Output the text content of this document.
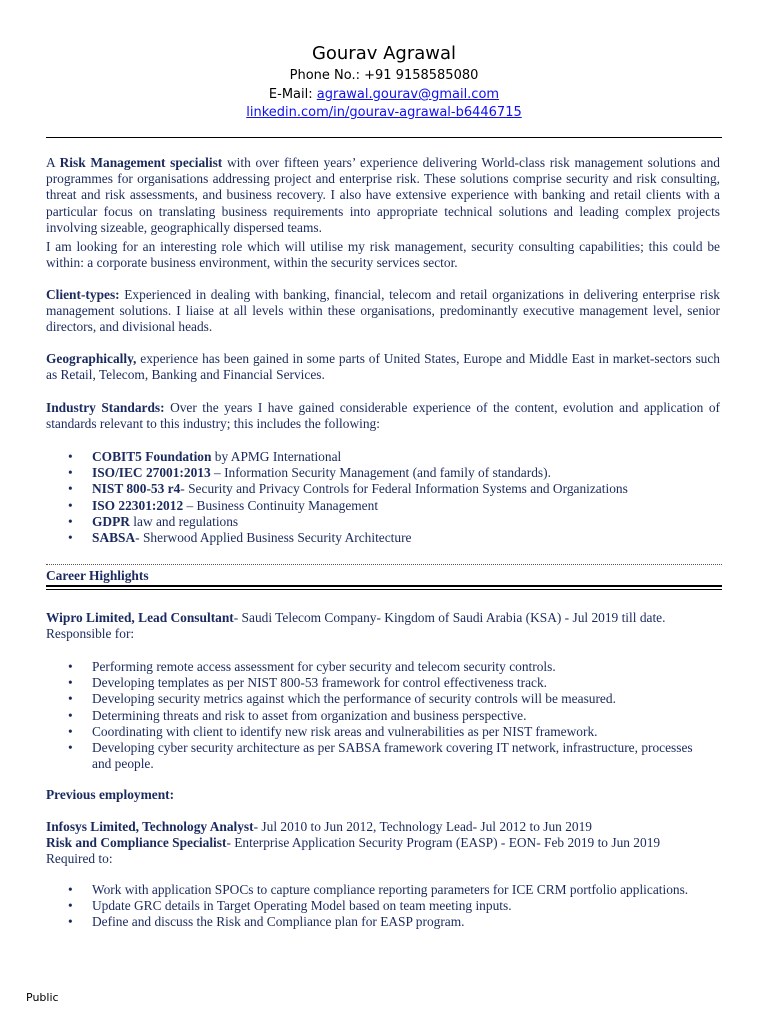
Gourav Agrawal
Phone No.: +91 9158585080
E-Mail: agrawal.gourav@gmail.com
linkedin.com/in/gourav-agrawal-b6446715

A Risk Management specialist with over fifteen years’ experience delivering World-class risk management solutions and programmes for organisations addressing project and enterprise risk. These solutions comprise security and risk consulting, threat and risk assessments, and business recovery. I also have extensive experience with banking and retail clients with a particular focus on translating business requirements into appropriate technical solutions and leading complex projects involving sizeable, geographically dispersed teams.

I am looking for an interesting role which will utilise my risk management, security consulting capabilities; this could be within: a corporate business environment, within the security services sector.

Client-types: Experienced in dealing with banking, financial, telecom and retail organizations in delivering enterprise risk management solutions. I liaise at all levels within these organisations, predominantly executive management level, senior directors, and divisional heads.

Geographically, experience has been gained in some parts of United States, Europe and Middle East in market-sectors such as Retail, Telecom, Banking and Financial Services.

Industry Standards: Over the years I have gained considerable experience of the content, evolution and application of standards relevant to this industry; this includes the following:

• COBIT5 Foundation by APMG International
• ISO/IEC 27001:2013 – Information Security Management (and family of standards).
• NIST 800-53 r4- Security and Privacy Controls for Federal Information Systems and Organizations
• ISO 22301:2012 – Business Continuity Management
• GDPR law and regulations
• SABSA- Sherwood Applied Business Security Architecture
Career Highlights

Wipro Limited, Lead Consultant- Saudi Telecom Company- Kingdom of Saudi Arabia (KSA) - Jul 2019 till date.

Responsible for:

• Performing remote access assessment for cyber security and telecom security controls.
• Developing templates as per NIST 800-53 framework for control effectiveness track.
• Developing security metrics against which the performance of security controls will be measured.
• Determining threats and risk to asset from organization and business perspective.
• Coordinating with client to identify new risk areas and vulnerabilities as per NIST framework.
• Developing cyber security architecture as per SABSA framework covering IT network, infrastructure, processes and people.
Previous employment:

Infosys Limited, Technology Analyst- Jul 2010 to Jun 2012, Technology Lead- Jul 2012 to Jun 2019

Risk and Compliance Specialist- Enterprise Application Security Program (EASP) - EON- Feb 2019 to Jun 2019

Required to:

• Work with application SPOCs to capture compliance reporting parameters for ICE CRM portfolio applications.
• Update GRC details in Target Operating Model based on team meeting inputs.
• Define and discuss the Risk and Compliance plan for EASP program.
Public
